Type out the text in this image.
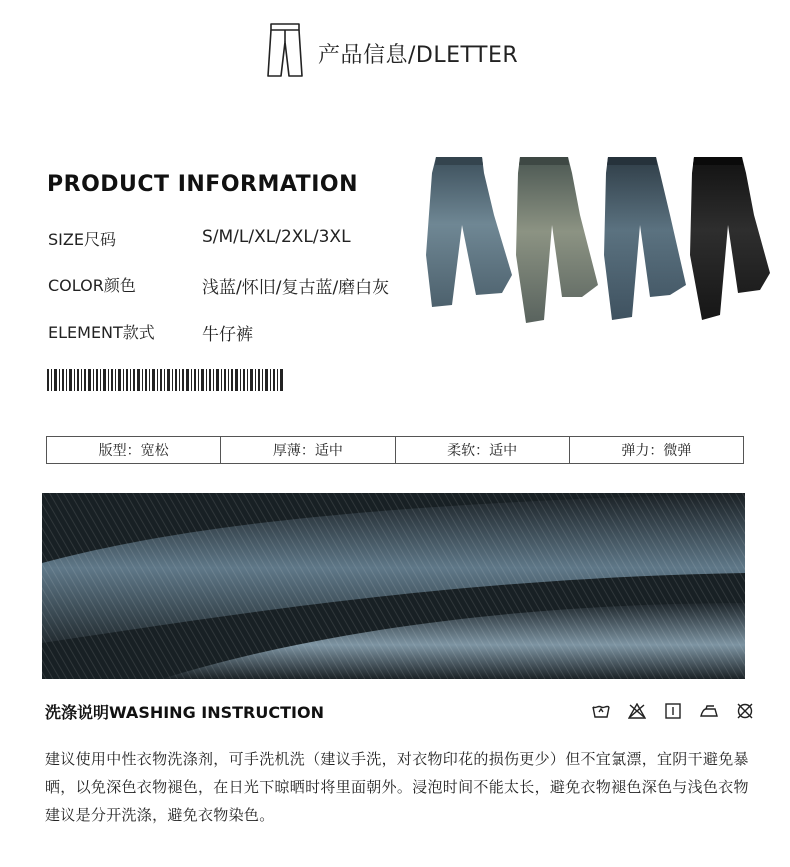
产品信息/DLETTER
PRODUCT INFORMATION
SIZE尺码	S/M/L/XL/2XL/3XL
COLOR颜色	浅蓝/怀旧/复古蓝/磨白灰
ELEMENT款式	牛仔裤
版型：宽松	厚薄：适中	柔软：适中	弹力：微弹
洗涤说明WASHING INSTRUCTION
建议使用中性衣物洗涤剂，可手洗机洗（建议手洗，对衣物印花的损伤更少）但不宜氯漂，宜阴干避免暴晒，以免深色衣物褪色，在日光下晾晒时将里面朝外。浸泡时间不能太长，避免衣物褪色深色与浅色衣物建议是分开洗涤，避免衣物染色。
